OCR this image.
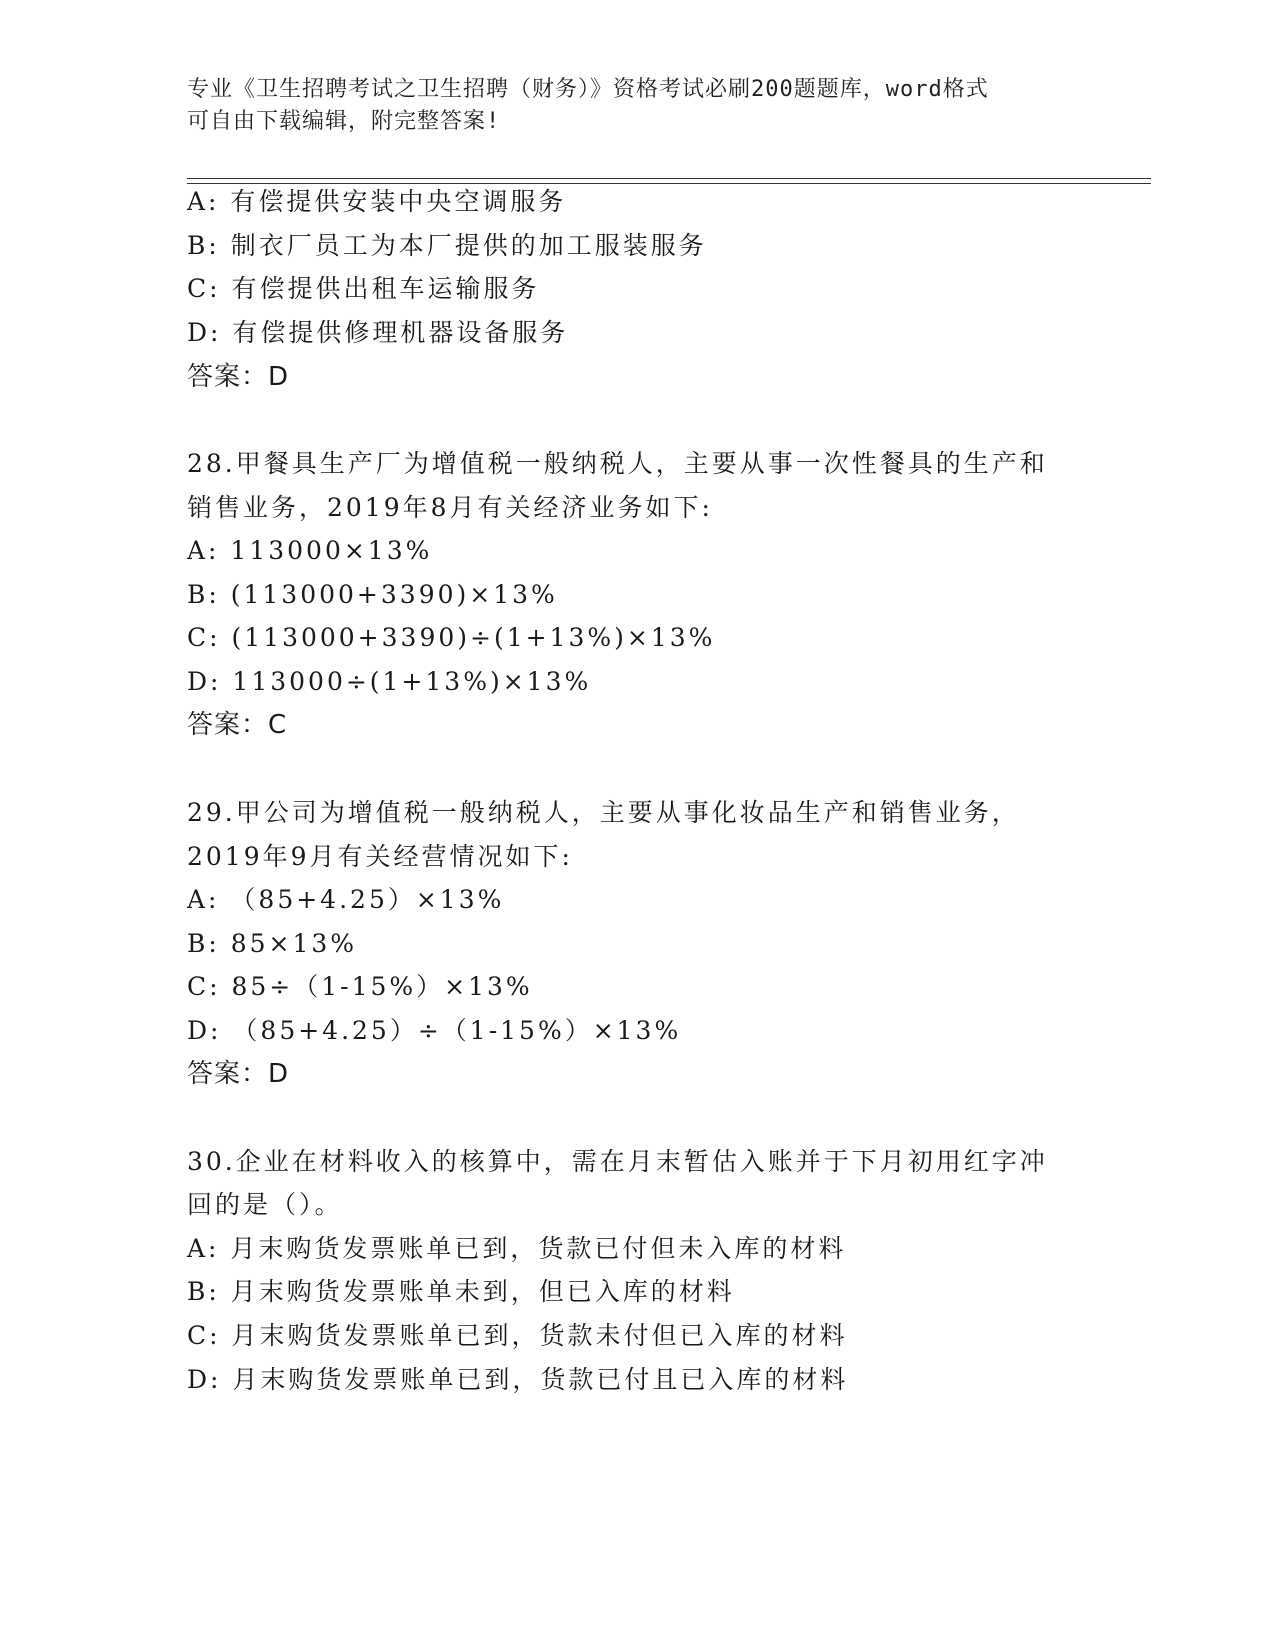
专业《卫生招聘考试之卫生招聘（财务）》资格考试必刷200题题库，word格式
可自由下载编辑，附完整答案!
A: 有偿提供安装中央空调服务
B: 制衣厂员工为本厂提供的加工服装服务
C: 有偿提供出租车运输服务
D: 有偿提供修理机器设备服务
答案：D
28.甲餐具生产厂为增值税一般纳税人，主要从事一次性餐具的生产和
销售业务，2019年8月有关经济业务如下:
A: 113000×13%
B: (113000+3390)×13%
C: (113000+3390)÷(1+13%)×13%
D: 113000÷(1+13%)×13%
答案：C
29.甲公司为增值税一般纳税人，主要从事化妆品生产和销售业务，
2019年9月有关经营情况如下:
A: （85+4.25）×13%
B: 85×13%
C: 85÷（1-15%）×13%
D: （85+4.25）÷（1-15%）×13%
答案：D
30.企业在材料收入的核算中，需在月末暂估入账并于下月初用红字冲
回的是（）。
A: 月末购货发票账单已到，货款已付但未入库的材料
B: 月末购货发票账单未到，但已入库的材料
C: 月末购货发票账单已到，货款未付但已入库的材料
D: 月末购货发票账单已到，货款已付且已入库的材料
